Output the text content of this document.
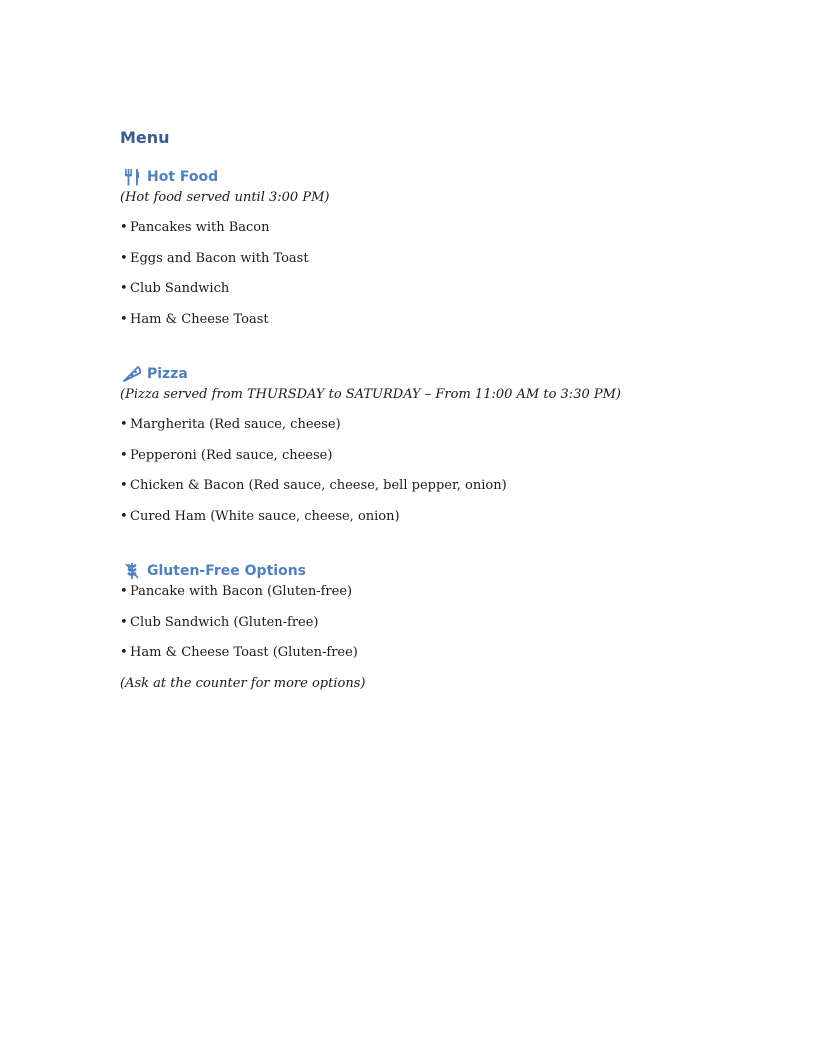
Menu
Hot Food

(Hot food served until 3:00 PM)

• Pancakes with Bacon
• Eggs and Bacon with Toast
• Club Sandwich
• Ham & Cheese Toast
Pizza

(Pizza served from THURSDAY to SATURDAY – From 11:00 AM to 3:30 PM)

• Margherita (Red sauce, cheese)
• Pepperoni (Red sauce, cheese)
• Chicken & Bacon (Red sauce, cheese, bell pepper, onion)
• Cured Ham (White sauce, cheese, onion)
Gluten-Free Options
• Pancake with Bacon (Gluten-free)
• Club Sandwich (Gluten-free)
• Ham & Cheese Toast (Gluten-free)

(Ask at the counter for more options)
